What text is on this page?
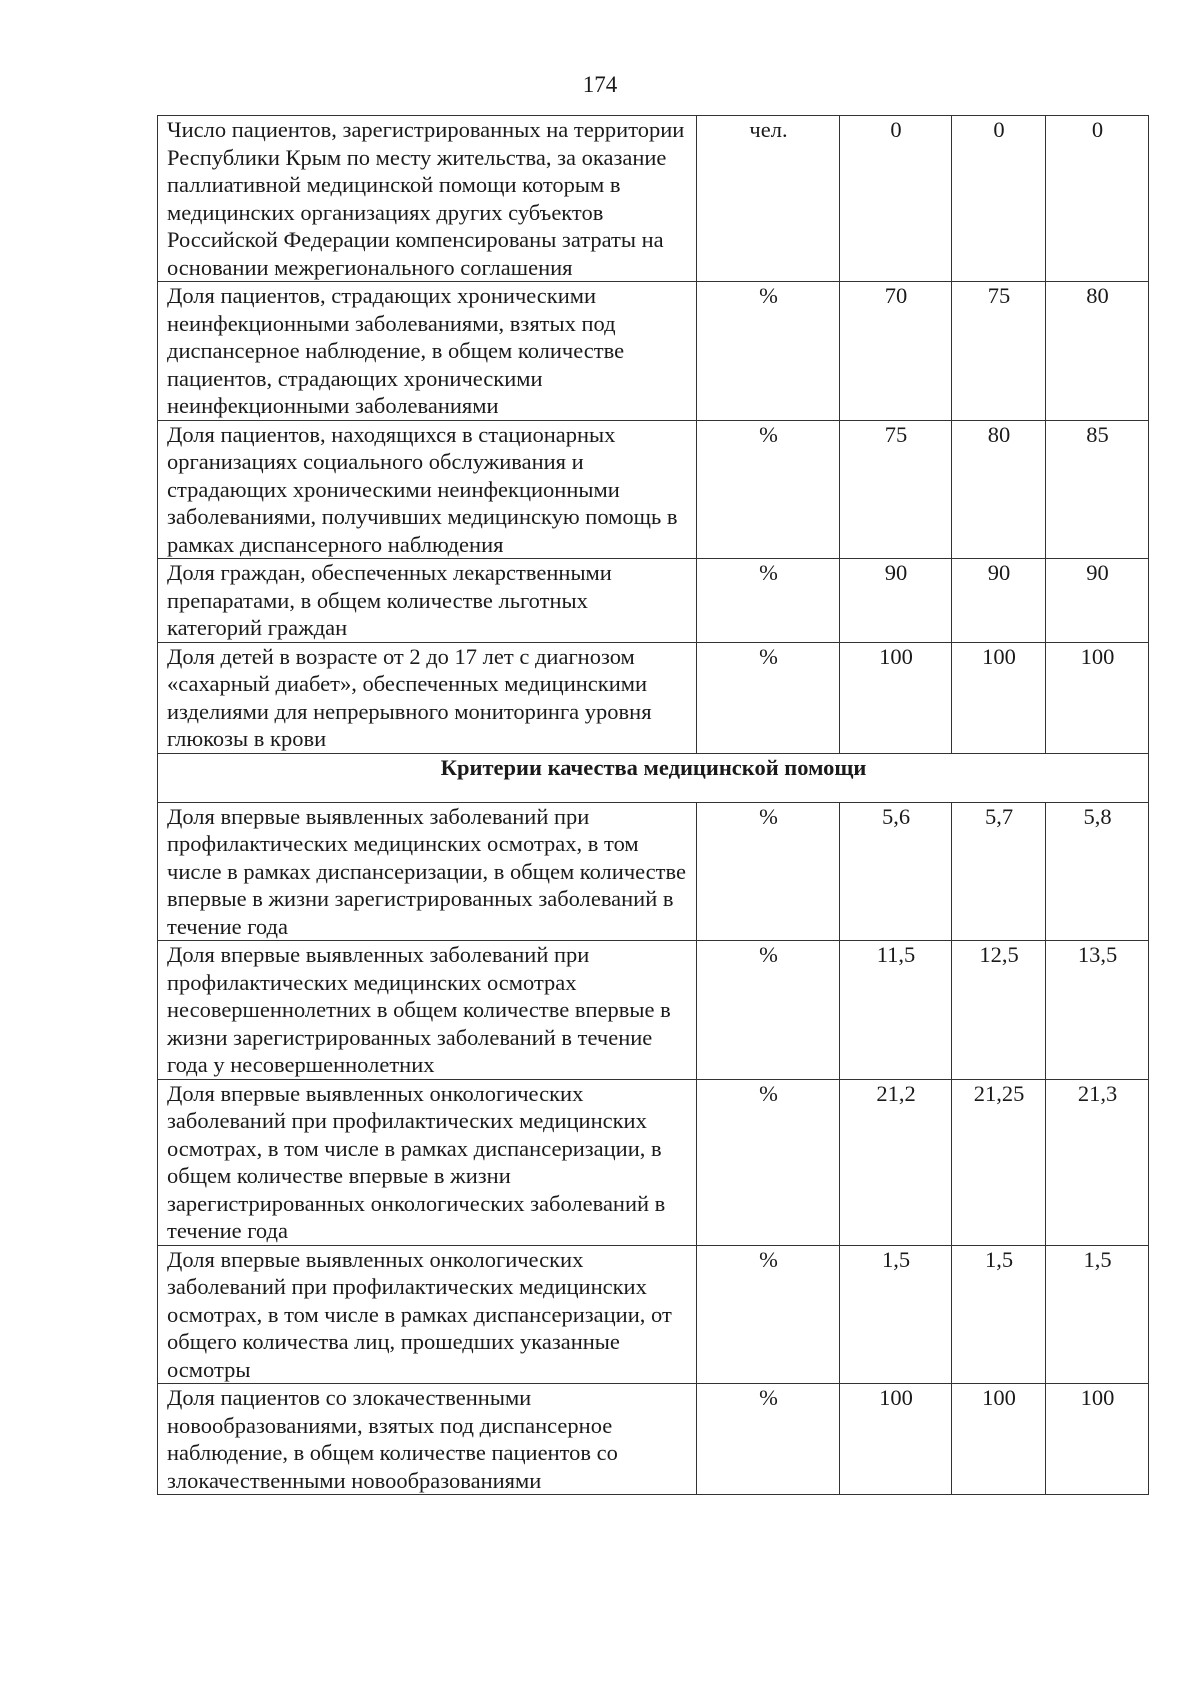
174
Число пациентов, зарегистрированных на территории Республики Крым по месту жительства, за оказание паллиативной медицинской помощи которым в медицинских организациях других субъектов Российской Федерации компенсированы затраты на основании межрегионального соглашения	чел.	0	0	0
Доля пациентов, страдающих хроническими неинфекционными заболеваниями, взятых под диспансерное наблюдение, в общем количестве пациентов, страдающих хроническими неинфекционными заболеваниями	%	70	75	80
Доля пациентов, находящихся в стационарных организациях социального обслуживания и страдающих хроническими неинфекционными заболеваниями, получивших медицинскую помощь в рамках диспансерного наблюдения	%	75	80	85
Доля граждан, обеспеченных лекарственными препаратами, в общем количестве льготных категорий граждан	%	90	90	90
Доля детей в возрасте от 2 до 17 лет с диагнозом «сахарный диабет», обеспеченных медицинскими изделиями для непрерывного мониторинга уровня глюкозы в крови	%	100	100	100
Критерии качества медицинской помощи				
Доля впервые выявленных заболеваний при профилактических медицинских осмотрах, в том числе в рамках диспансеризации, в общем количестве впервые в жизни зарегистрированных заболеваний в течение года	%	5,6	5,7	5,8
Доля впервые выявленных заболеваний при профилактических медицинских осмотрах несовершеннолетних в общем количестве впервые в жизни зарегистрированных заболеваний в течение года у несовершеннолетних	%	11,5	12,5	13,5
Доля впервые выявленных онкологических заболеваний при профилактических медицинских осмотрах, в том числе в рамках диспансеризации, в общем количестве впервые в жизни зарегистрированных онкологических заболеваний в течение года	%	21,2	21,25	21,3
Доля впервые выявленных онкологических заболеваний при профилактических медицинских осмотрах, в том числе в рамках диспансеризации, от общего количества лиц, прошедших указанные осмотры	%	1,5	1,5	1,5
Доля пациентов со злокачественными новообразованиями, взятых под диспансерное наблюдение, в общем количестве пациентов со злокачественными новообразованиями	%	100	100	100
